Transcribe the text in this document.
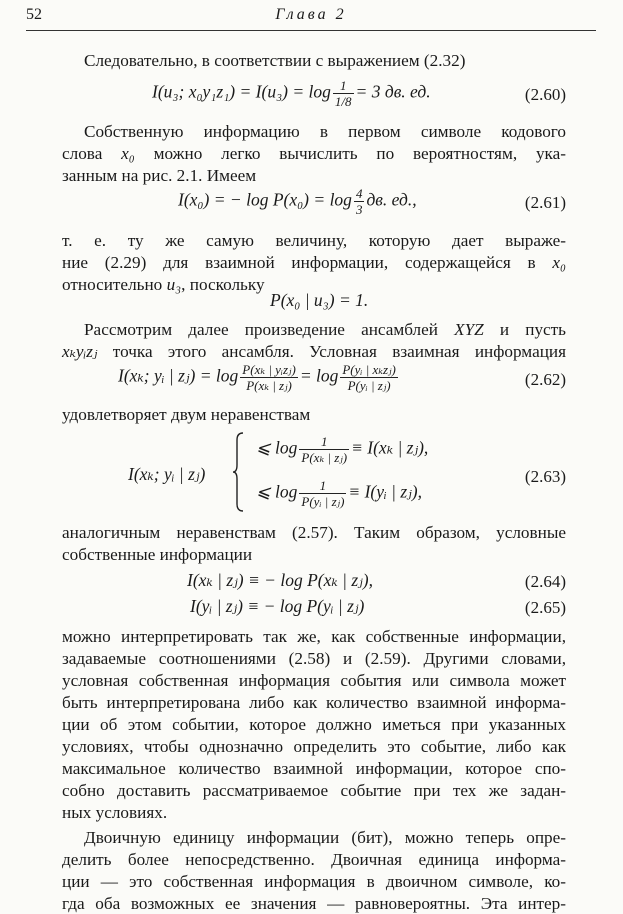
52	Глава 2
Следовательно, в соответствии с выражением (2.32)
I(u₃; $x_0y_1z_1) = I(u_3) = \log \frac{1}{1/8} = 3$ дв. ед.	(2.60)
Собственную информацию в первом символе кодового
слова x₀ можно легко вычислить по вероятностям, ука-
занным на рис. 2.1. Имеем
I(x₀) = − $\log P(x_0) = \log \frac{4}{3}$ дв. ед.,	(2.61)
т. е. ту же самую величину, которую дает выраже-
ние (2.29) для взаимной информации, содержащейся в x₀
относительно u₃, поскольку
P(x₀ | u₃) = 1.
Рассмотрим далее произведение ансамблей XYZ и пусть
xₖyᵢzⱼ точка этого ансамбля. Условная взаимная информация
I(xₖ; yᵢ | zⱼ) = $\log \frac{\text{P(xₖ | yᵢzⱼ)}}{\text{P(xₖ | zⱼ)}} = \log \frac{\text{P(yᵢ | xₖzⱼ)}}{\text{P(yᵢ | zⱼ)}}$	(2.62)
удовлетворяет двум неравенствам
I(xₖ; yᵢ | zⱼ)
⩽ $\log \frac{1}{\text{P(xₖ | zⱼ)}} \equiv I(x_k$ | zⱼ),
⩽ $\log \frac{1}{\text{P(yᵢ | zⱼ)}}$ ≡ I(yᵢ | zⱼ),
(2.63)
аналогичным неравенствам (2.57). Таким образом, условные
собственные информации
I(xₖ | zⱼ) ≡ − log P(xₖ | zⱼ),	(2.64)
I(yᵢ | zⱼ) ≡ − log P(yᵢ | zⱼ)	(2.65)
можно интерпретировать так же, как собственные информации,
задаваемые соотношениями (2.58) и (2.59). Другими словами,
условная собственная информация события или символа может
быть интерпретирована либо как количество взаимной информа-
ции об этом событии, которое должно иметься при указанных
условиях, чтобы однозначно определить это событие, либо как
максимальное количество взаимной информации, которое спо-
собно доставить рассматриваемое событие при тех же задан-
ных условиях.
Двоичную единицу информации (бит), можно теперь опре-
делить более непосредственно. Двоичная единица информа-
ции — это собственная информация в двоичном символе, ко-
гда оба возможных ее значения — равновероятны. Эта интер-
